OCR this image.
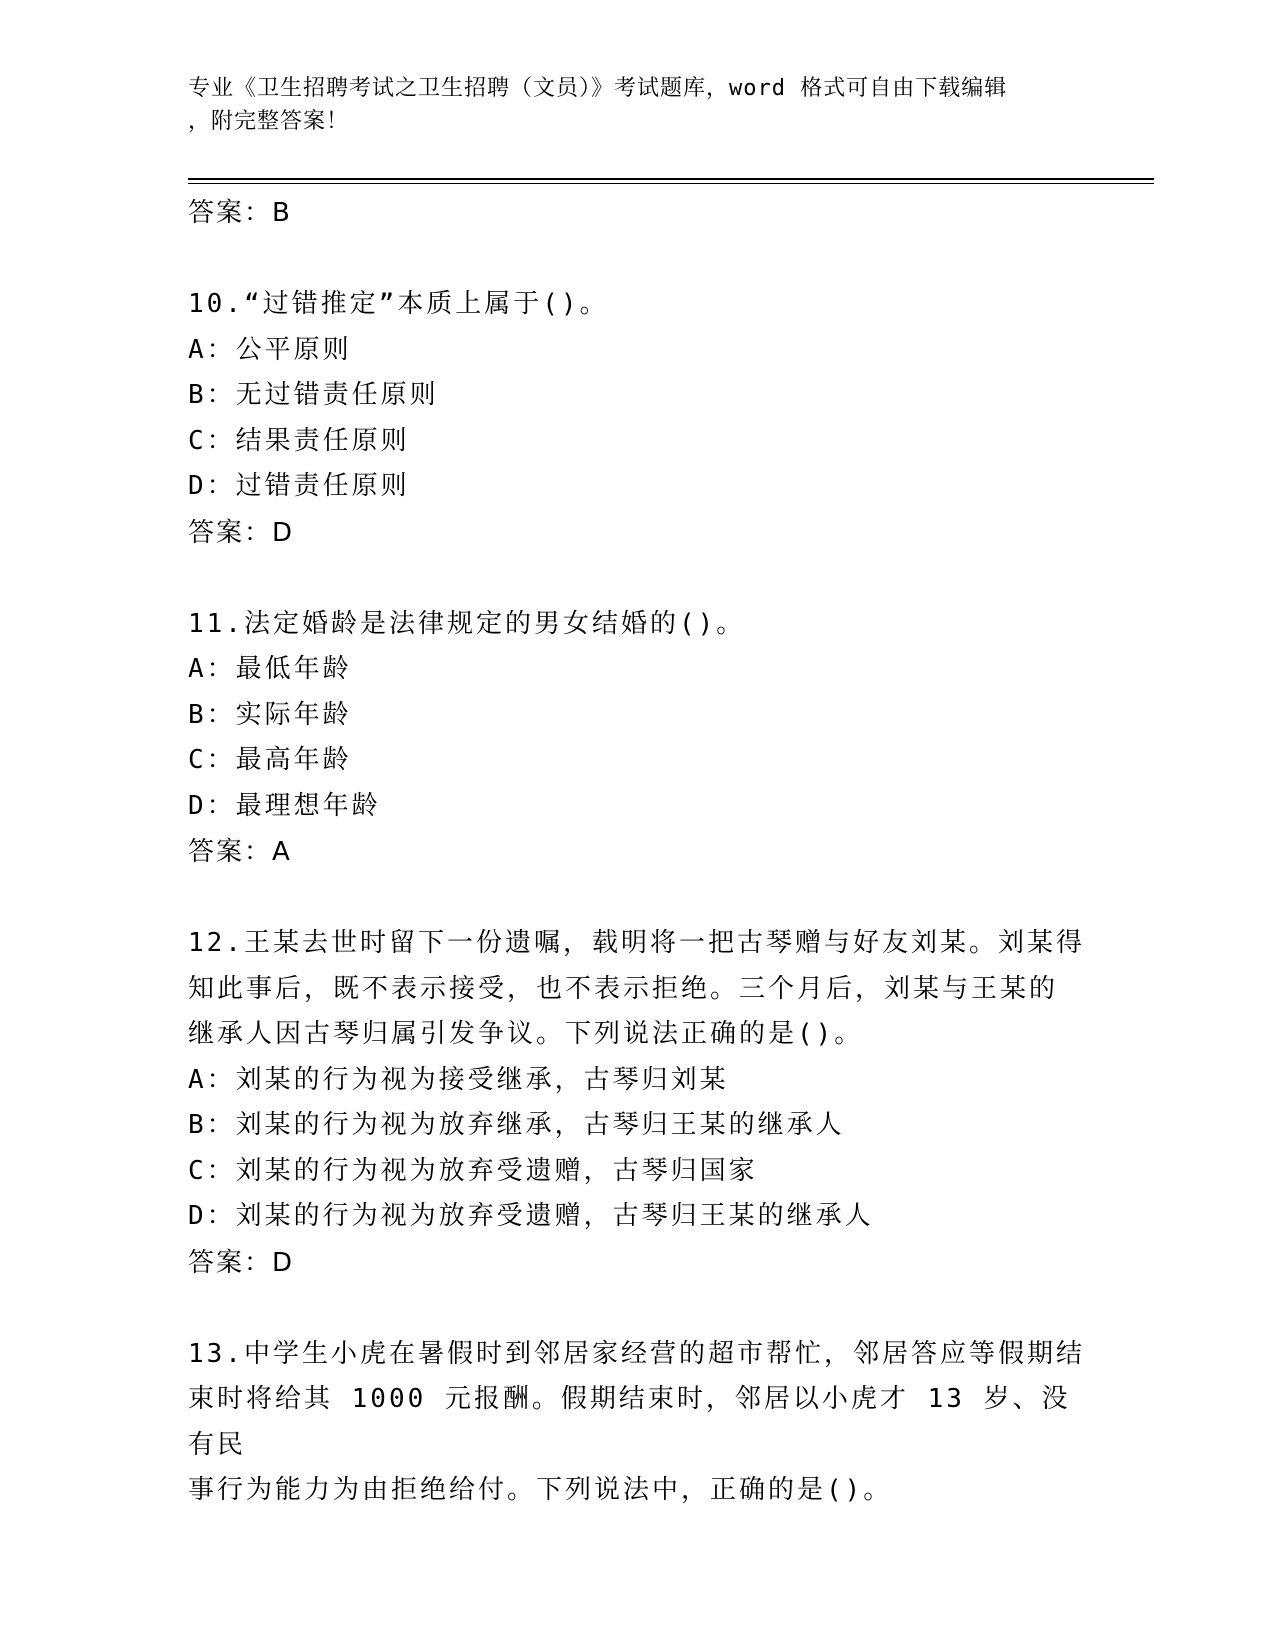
专业《卫生招聘考试之卫生招聘（文员）》考试题库，word 格式可自由下载编辑
，附完整答案！
答案：B
10.“过错推定”本质上属于()。
A：公平原则
B：无过错责任原则
C：结果责任原则
D：过错责任原则
答案：D
11.法定婚龄是法律规定的男女结婚的()。
A：最低年龄
B：实际年龄
C：最高年龄
D：最理想年龄
答案：A
12.王某去世时留下一份遗嘱，载明将一把古琴赠与好友刘某。刘某得
知此事后，既不表示接受，也不表示拒绝。三个月后，刘某与王某的
继承人因古琴归属引发争议。下列说法正确的是()。
A：刘某的行为视为接受继承，古琴归刘某
B：刘某的行为视为放弃继承，古琴归王某的继承人
C：刘某的行为视为放弃受遗赠，古琴归国家
D：刘某的行为视为放弃受遗赠，古琴归王某的继承人
答案：D
13.中学生小虎在暑假时到邻居家经营的超市帮忙，邻居答应等假期结
束时将给其 1000 元报酬。假期结束时，邻居以小虎才 13 岁、没有民
事行为能力为由拒绝给付。下列说法中，正确的是()。
